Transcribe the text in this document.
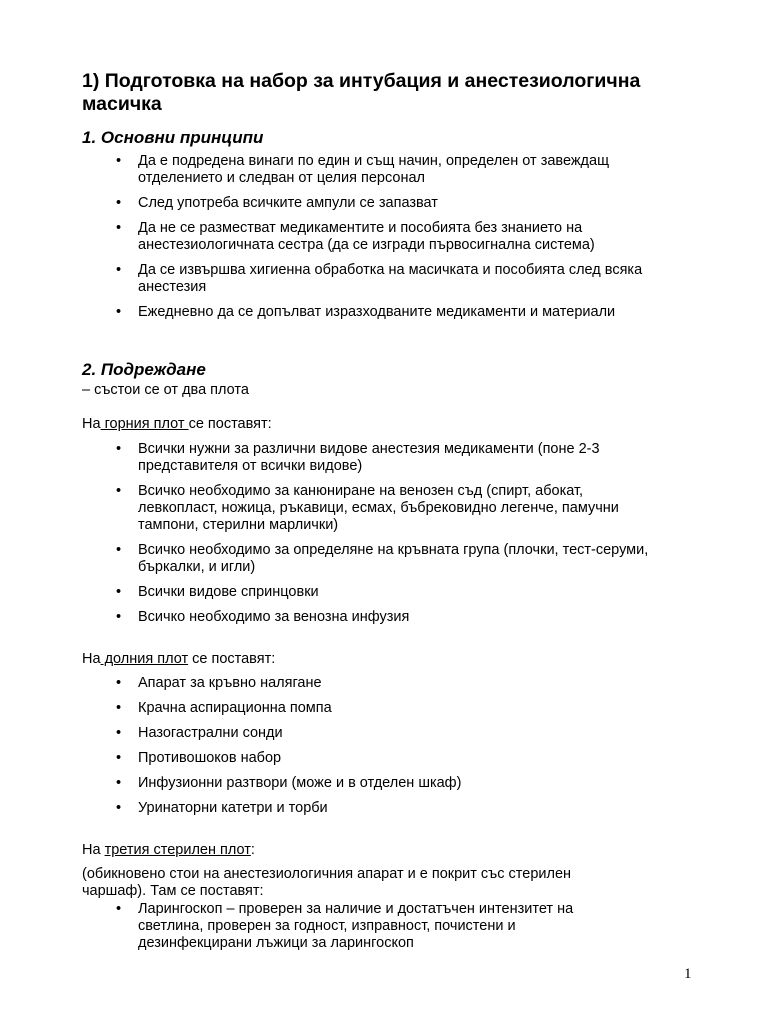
1) Подготовка на набор за интубация и анестезиологична масичка
1. Основни принципи
• Да е подредена винаги по един и същ начин, определен от завеждащ отделението и следван от целия персонал
• След употреба всичките ампули се запазват
• Да не се разместват медикаментите и пособията без знанието на анестезиологичната сестра (да се изгради първосигнална система)
• Да се извършва хигиенна обработка на масичката и пособията след всяка анестезия
• Ежедневно да се допълват изразходваните медикаменти и материали
2. Подреждане
– състои се от два плота
На горния плот се поставят:
• Всички нужни за различни видове анестезия медикаменти (поне 2-3 представителя от всички видове)
• Всичко необходимо за канюниране на венозен съд (спирт, абокат, левкопласт, ножица, ръкавици, есмах, бъбрековидно легенче, памучни тампони, стерилни марлички)
• Всичко необходимо за определяне на кръвната група (плочки, тест-серуми, бъркалки, и игли)
• Всички видове спринцовки
• Всичко необходимо за венозна инфузия
На долния плот се поставят:
• Апарат за кръвно налягане
• Крачна аспирационна помпа
• Назогастрални сонди
• Противошоков набор
• Инфузионни разтвори (може и в отделен шкаф)
• Уринаторни катетри и торби
На третия стерилен плот:
(обикновено стои на анестезиологичния апарат и е покрит със стерилен чаршаф). Там се поставят:
• Ларингоскоп – проверен за наличие и достатъчен интензитет на светлина, проверен за годност, изправност, почистени и дезинфекцирани лъжици за ларингоскоп
1
